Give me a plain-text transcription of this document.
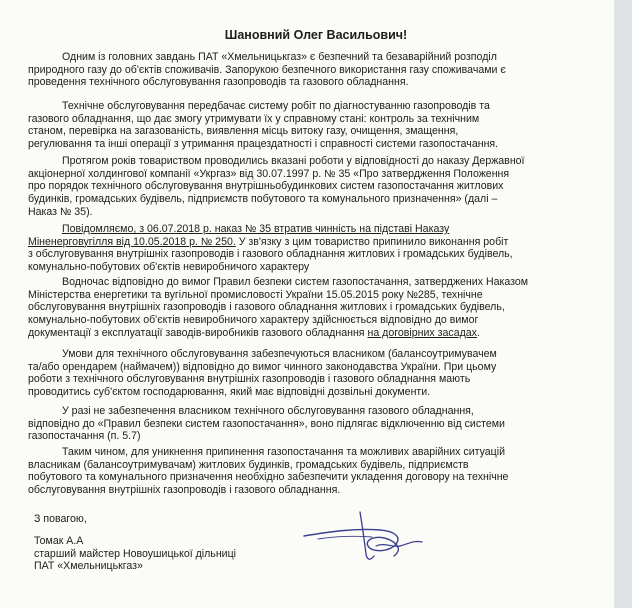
Шановний Олег Васильович!
Одним із головних завдань ПАТ «Хмельницькгаз» є безпечний та безаварійний розподіл
природного газу до об'єктів споживачів. Запорукою безпечного використання газу споживачами є
проведення технічного обслуговування газопроводів та газового обладнання.
Технічне обслуговування передбачає систему робіт по діагностуванню газопроводів та
газового обладнання, що дає змогу утримувати їх у справному стані: контроль за технічним
станом, перевірка на загазованість, виявлення місць витоку газу, очищення, змащення,
регулювання та інші операції з утримання працездатності і справності системи газопостачання.
Протягом років товариством проводились вказані роботи у відповідності до наказу Державної
акціонерної холдингової компанії «Укргаз» від 30.07.1997 р. № 35 «Про затвердження Положення
про порядок технічного обслуговування внутрішньобудинкових систем газопостачання житлових
будинків, громадських будівель, підприємств побутового та комунального призначення» (далі –
Наказ № 35).
Повідомляємо, з 06.07.2018 р. наказ № 35 втратив чинність на підставі Наказу
Міненерговугілля від 10.05.2018 р. № 250. У зв'язку з цим товариство припинило виконання робіт
з обслуговування внутрішніх газопроводів і газового обладнання житлових і громадських будівель,
комунально-побутових об'єктів невиробничого характеру
Водночас відповідно до вимог Правил безпеки систем газопостачання, затверджених Наказом
Міністерства енергетики та вугільної промисловості України 15.05.2015 року №285, технічне
обслуговування внутрішніх газопроводів і газового обладнання житлових і громадських будівель,
комунально-побутових об'єктів невиробничого характеру здійснюється відповідно до вимог
документації з експлуатації заводів-виробників газового обладнання на договірних засадах.
Умови для технічного обслуговування забезпечуються власником (балансоутримувачем
та/або орендарем (наймачем)) відповідно до вимог чинного законодавства України. При цьому
роботи з технічного обслуговування внутрішніх газопроводів і газового обладнання мають
проводитись суб'єктом господарювання, який має відповідні дозвільні документи.
У разі не забезпечення власником технічного обслуговування газового обладнання,
відповідно до «Правил безпеки систем газопостачання», воно підлягає відключенню від системи
газопостачання (п. 5.7)
Таким чином, для уникнення припинення газопостачання та можливих аварійних ситуацій
власникам (балансоутримувачам) житлових будинків, громадських будівель, підприємств
побутового та комунального призначення необхідно забезпечити укладення договору на технічне
обслуговування внутрішніх газопроводів і газового обладнання.
З повагою,
Томак А.А
старший майстер Новоушицької дільниці
ПАТ «Хмельницькгаз»
